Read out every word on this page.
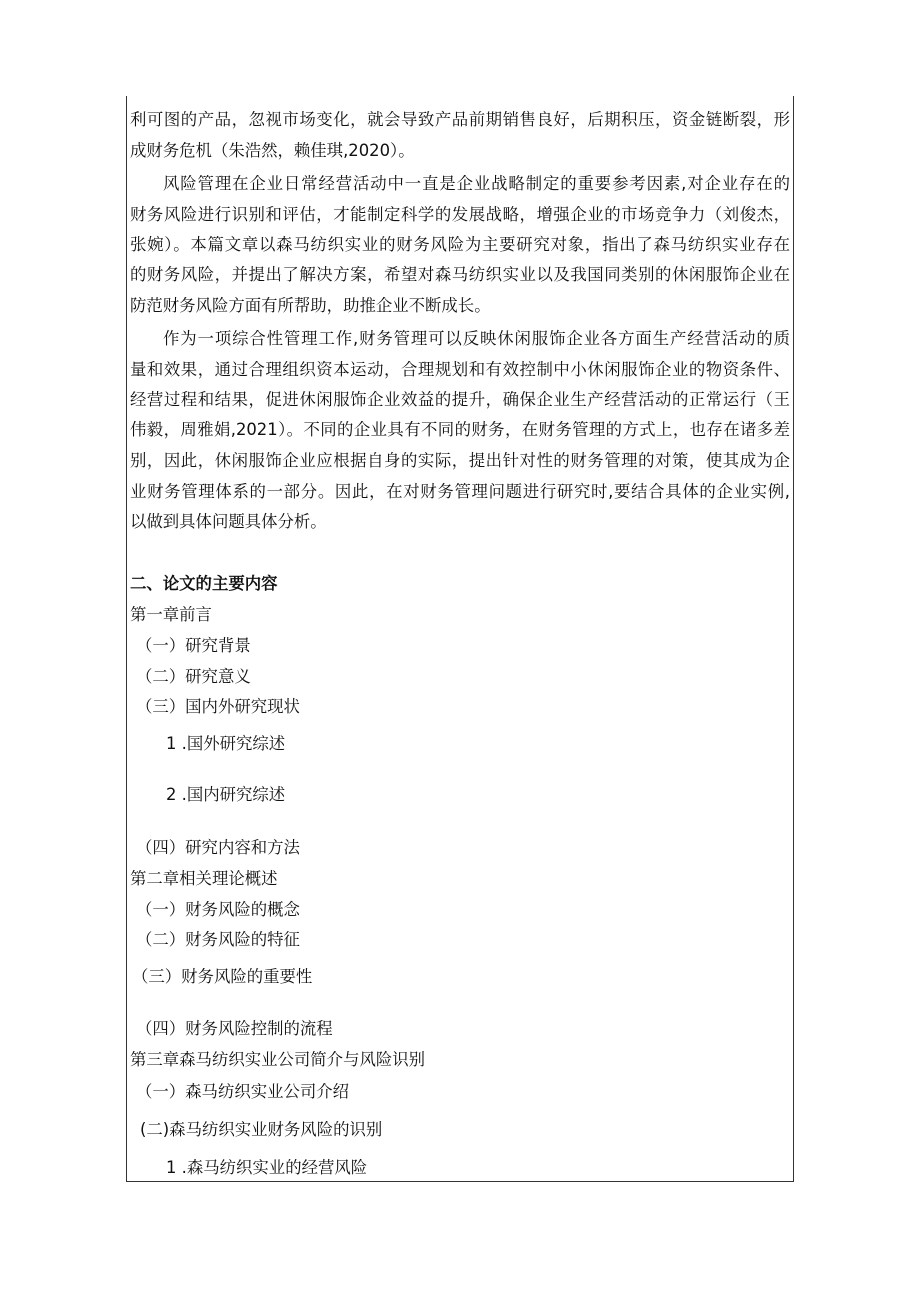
利可图的产品，忽视市场变化，就会导致产品前期销售良好，后期积压，资金链断裂，形
成财务危机（朱浩然，赖佳琪,2020）。
风险管理在企业日常经营活动中一直是企业战略制定的重要参考因素,对企业存在的
财务风险进行识别和评估，才能制定科学的发展战略，增强企业的市场竞争力（刘俊杰，
张婉）。本篇文章以森马纺织实业的财务风险为主要研究对象，指出了森马纺织实业存在
的财务风险，并提出了解决方案，希望对森马纺织实业以及我国同类别的休闲服饰企业在
防范财务风险方面有所帮助，助推企业不断成长。
作为一项综合性管理工作,财务管理可以反映休闲服饰企业各方面生产经营活动的质
量和效果，通过合理组织资本运动，合理规划和有效控制中小休闲服饰企业的物资条件、
经营过程和结果，促进休闲服饰企业效益的提升，确保企业生产经营活动的正常运行（王
伟毅，周雅娟,2021）。不同的企业具有不同的财务，在财务管理的方式上，也存在诸多差
别，因此，休闲服饰企业应根据自身的实际，提出针对性的财务管理的对策，使其成为企
业财务管理体系的一部分。因此，在对财务管理问题进行研究时,要结合具体的企业实例,
以做到具体问题具体分析。
二、论文的主要内容
第一章前言
（一）研究背景
（二）研究意义
（三）国内外研究现状
1 .国外研究综述
2 .国内研究综述
（四）研究内容和方法
第二章相关理论概述
（一）财务风险的概念
（二）财务风险的特征
（三）财务风险的重要性
（四）财务风险控制的流程
第三章森马纺织实业公司简介与风险识别
（一）森马纺织实业公司介绍
(二)森马纺织实业财务风险的识别
1 .森马纺织实业的经营风险
